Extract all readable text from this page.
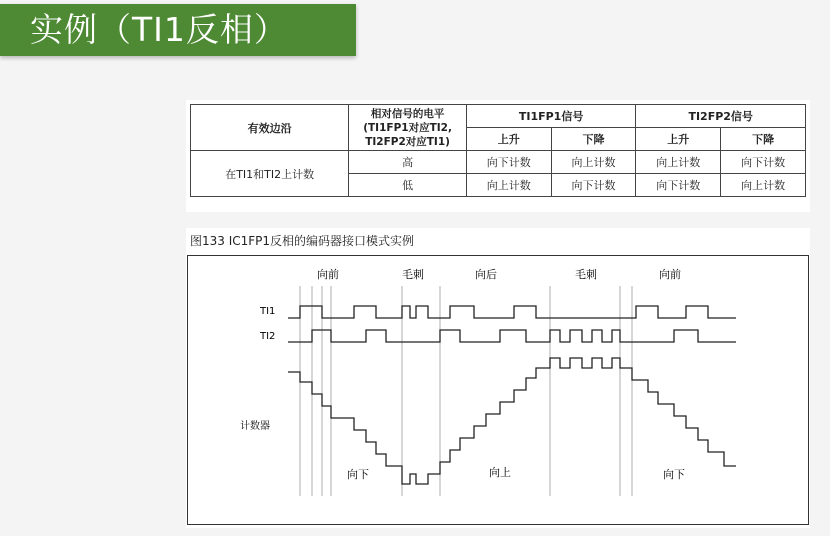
实例（TI1反相）
有效边沿	相对信号的电平
(TI1FP1对应TI2,
TI2FP2对应TI1)	TI1FP1信号		TI2FP2信号	
		上升	下降	上升	下降
在TI1和TI2上计数	高	向下计数	向上计数	向上计数	向下计数
	低	向上计数	向下计数	向下计数	向上计数
图133 IC1FP1反相的编码器接口模式实例
向前	毛刺	向后	毛刺	向前
TI1
TI2
计数器
向下	向上	向下
